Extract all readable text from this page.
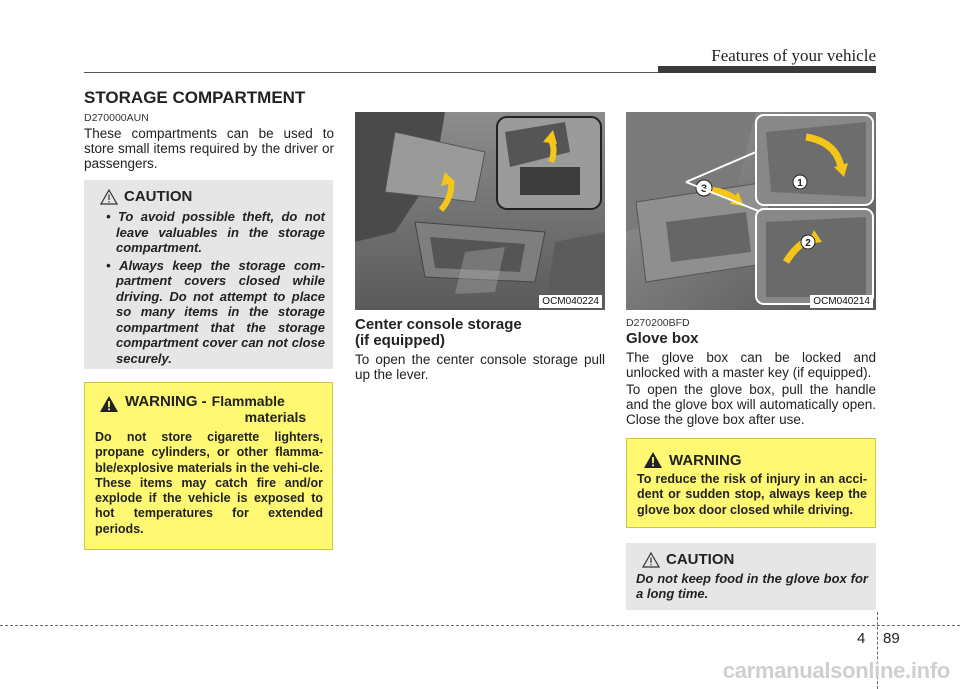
Features of your vehicle
STORAGE COMPARTMENT
D270000AUN
These compartments can be used to store small items required by the driver or passengers.
CAUTION
• To avoid possible theft, do not leave valuables in the storage compartment.
• Always keep the storage com-partment covers closed while driving. Do not attempt to place so many items in the storage compartment that the storage compartment cover can not close securely.
WARNING - Flammable
materials
Do not store cigarette lighters, propane cylinders, or other flamma-ble/explosive materials in the vehi-cle. These items may catch fire and/or explode if the vehicle is exposed to hot temperatures for extended periods.
OCM040224
Center console storage
(if equipped)
To open the center console storage pull up the lever.
1
2
OCM040214
D270200BFD
Glove box
The glove box can be locked and unlocked with a master key (if equipped).
To open the glove box, pull the handle and the glove box will automatically open. Close the glove box after use.
WARNING
To reduce the risk of injury in an acci-dent or sudden stop, always keep the glove box door closed while driving.
CAUTION
Do not keep food in the glove box for a long time.
4 89
carmanualsonline.info
